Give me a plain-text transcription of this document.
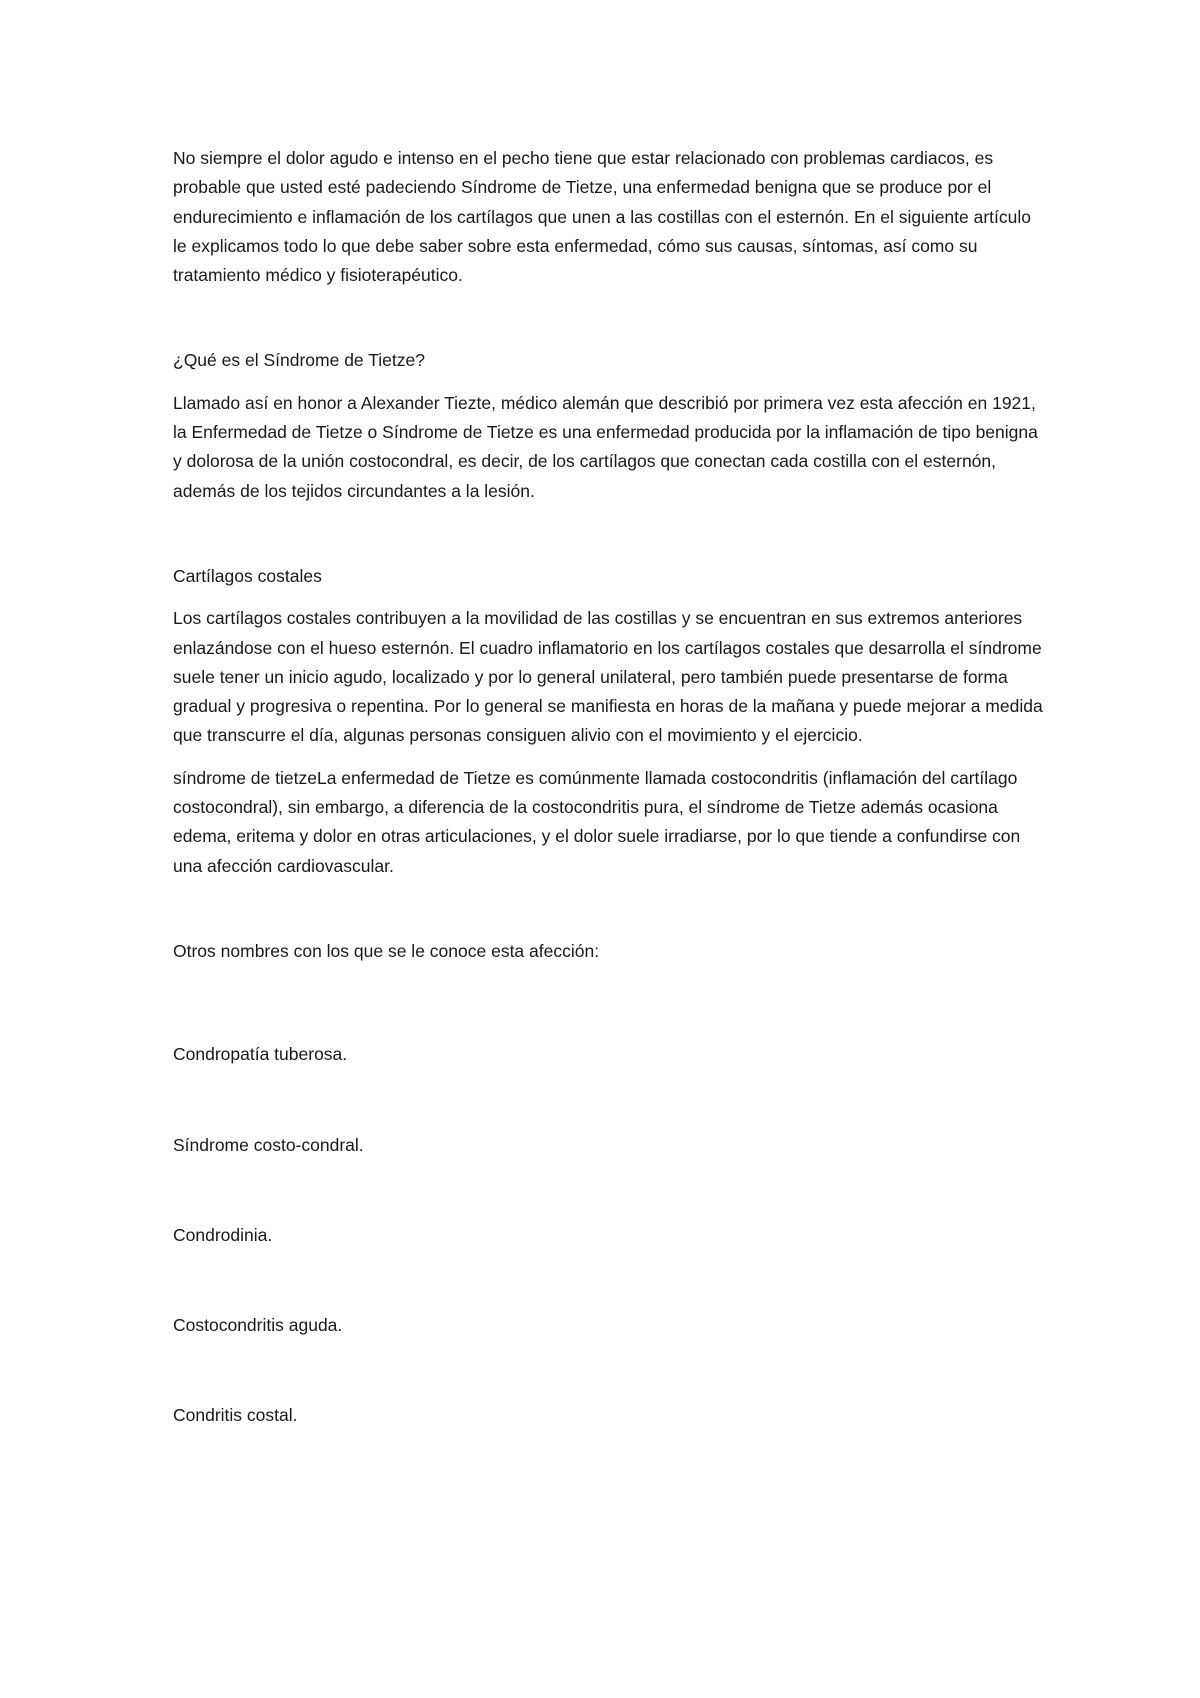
No siempre el dolor agudo e intenso en el pecho tiene que estar relacionado con problemas cardiacos, es probable que usted esté padeciendo Síndrome de Tietze, una enfermedad benigna que se produce por el endurecimiento e inflamación de los cartílagos que unen a las costillas con el esternón. En el siguiente artículo le explicamos todo lo que debe saber sobre esta enfermedad, cómo sus causas, síntomas, así como su tratamiento médico y fisioterapéutico.

¿Qué es el Síndrome de Tietze?

Llamado así en honor a Alexander Tiezte, médico alemán que describió por primera vez esta afección en 1921, la Enfermedad de Tietze o Síndrome de Tietze es una enfermedad producida por la inflamación de tipo benigna y dolorosa de la unión costocondral, es decir, de los cartílagos que conectan cada costilla con el esternón, además de los tejidos circundantes a la lesión.

Cartílagos costales

Los cartílagos costales contribuyen a la movilidad de las costillas y se encuentran en sus extremos anteriores enlazándose con el hueso esternón. El cuadro inflamatorio en los cartílagos costales que desarrolla el síndrome suele tener un inicio agudo, localizado y por lo general unilateral, pero también puede presentarse de forma gradual y progresiva o repentina. Por lo general se manifiesta en horas de la mañana y puede mejorar a medida que transcurre el día, algunas personas consiguen alivio con el movimiento y el ejercicio.

síndrome de tietzeLa enfermedad de Tietze es comúnmente llamada costocondritis (inflamación del cartílago costocondral), sin embargo, a diferencia de la costocondritis pura, el síndrome de Tietze además ocasiona edema, eritema y dolor en otras articulaciones, y el dolor suele irradiarse, por lo que tiende a confundirse con una afección cardiovascular.

Otros nombres con los que se le conoce esta afección:

Condropatía tuberosa.

Síndrome costo-condral.

Condrodinia.

Costocondritis aguda.

Condritis costal.
